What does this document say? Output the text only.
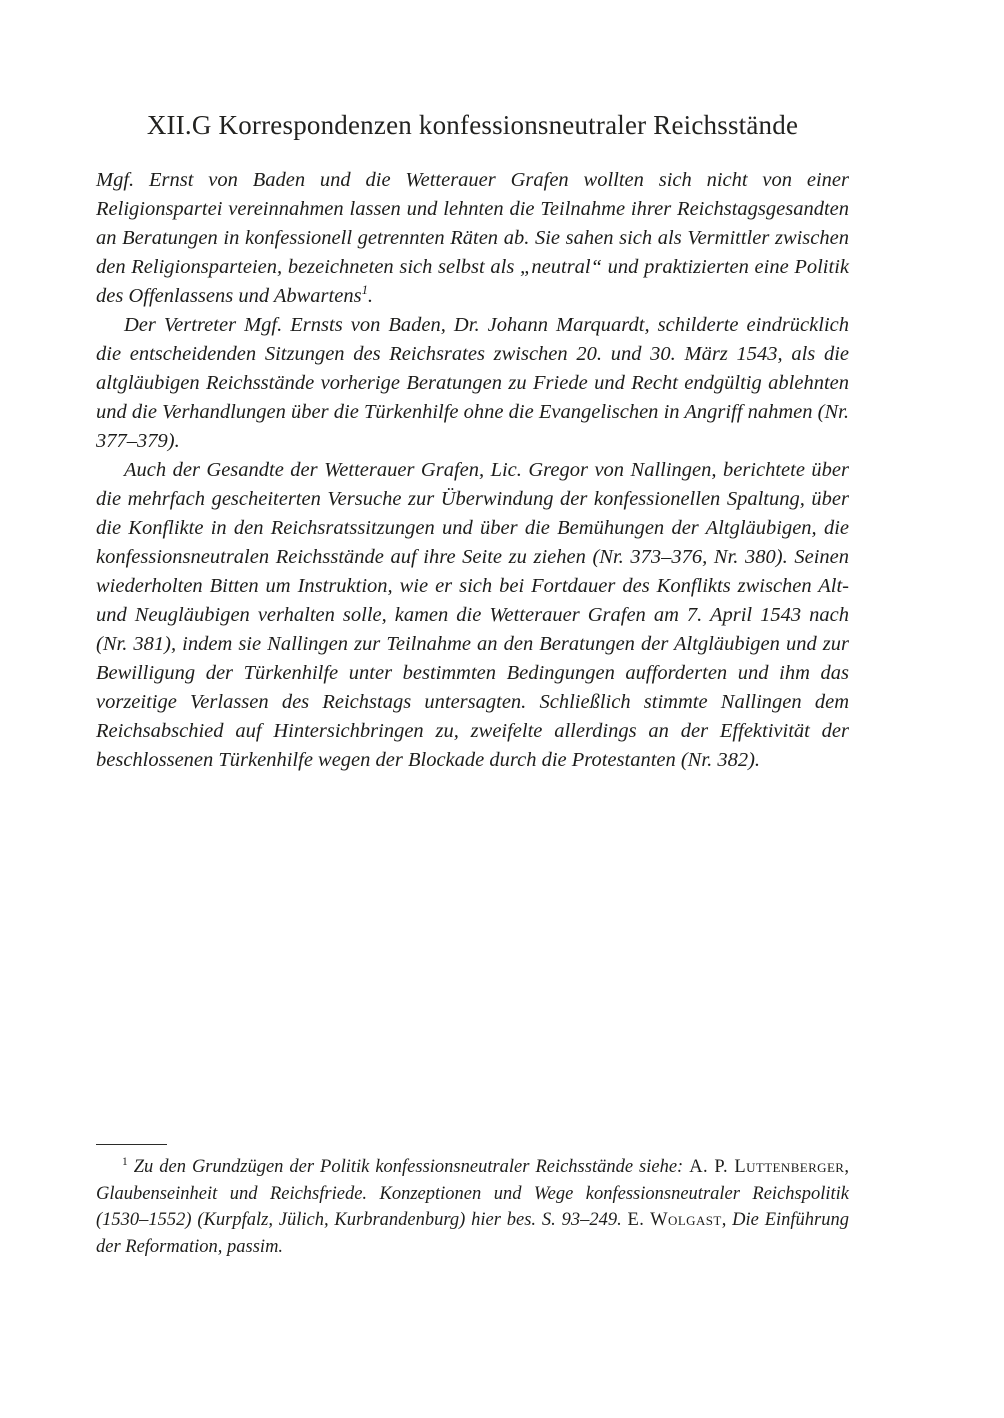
XII.G Korrespondenzen konfessionsneutraler Reichsstände

Mgf. Ernst von Baden und die Wetterauer Grafen wollten sich nicht von einer Religionspartei vereinnahmen lassen und lehnten die Teilnahme ihrer Reichstagsgesandten an Beratungen in konfessionell getrennten Räten ab. Sie sahen sich als Vermittler zwischen den Religionsparteien, bezeichneten sich selbst als „neutral“ und praktizierten eine Politik des Offenlassens und Abwartens$^1$.

Der Vertreter Mgf. Ernsts von Baden, Dr. Johann Marquardt, schilderte eindrücklich die entscheidenden Sitzungen des Reichsrates zwischen 20. und 30. März 1543, als die altgläubigen Reichsstände vorherige Beratungen zu Friede und Recht endgültig ablehnten und die Verhandlungen über die Türkenhilfe ohne die Evangelischen in Angriff nahmen (Nr. 377–379).

Auch der Gesandte der Wetterauer Grafen, Lic. Gregor von Nallingen, berichtete über die mehrfach gescheiterten Versuche zur Überwindung der konfessionellen Spaltung, über die Konflikte in den Reichsratssitzungen und über die Bemühungen der Altgläubigen, die konfessionsneutralen Reichsstände auf ihre Seite zu ziehen (Nr. 373–376, Nr. 380). Seinen wiederholten Bitten um Instruktion, wie er sich bei Fortdauer des Konflikts zwischen Alt- und Neugläubigen verhalten solle, kamen die Wetterauer Grafen am 7. April 1543 nach (Nr. 381), indem sie Nallingen zur Teilnahme an den Beratungen der Altgläubigen und zur Bewilligung der Türkenhilfe unter bestimmten Bedingungen aufforderten und ihm das vorzeitige Verlassen des Reichstags untersagten. Schließlich stimmte Nallingen dem Reichsabschied auf Hintersichbringen zu, zweifelte allerdings an der Effektivität der beschlossenen Türkenhilfe wegen der Blockade durch die Protestanten (Nr. 382).

$^1$ Zu den Grundzügen der Politik konfessionsneutraler Reichsstände siehe: A. P. Luttenberger, Glaubenseinheit und Reichsfriede. Konzeptionen und Wege konfessionsneutraler Reichspolitik (1530–1552) (Kurpfalz, Jülich, Kurbrandenburg) hier bes. S. 93–249. E. Wolgast, Die Einführung der Reformation, passim.
